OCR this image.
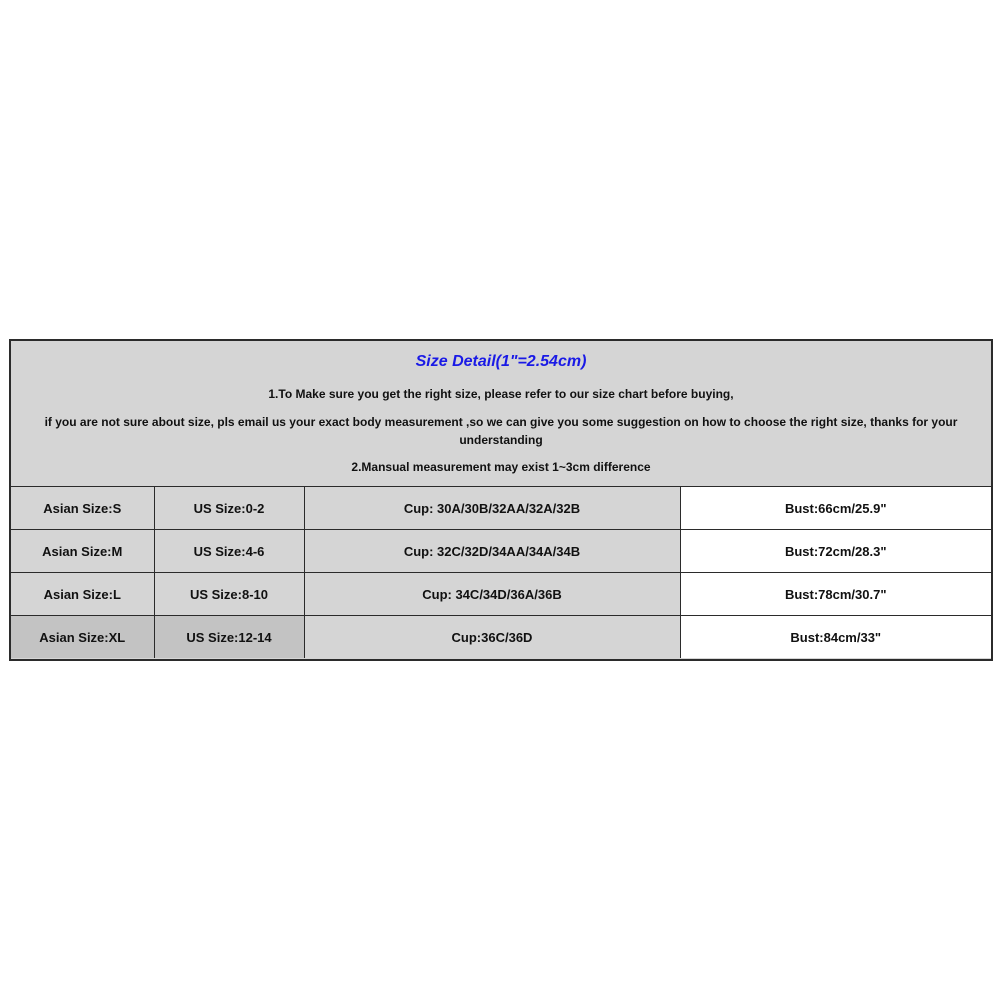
Size Detail(1"=2.54cm)
1.To Make sure you get the right size, please refer to our size chart before buying,
if you are not sure about size, pls email us your exact body measurement ,so we can give you some suggestion on how to choose the right size, thanks for your understanding
2.Mansual measurement may exist 1~3cm difference
Asian Size:S	US Size:0-2	Cup: 30A/30B/32AA/32A/32B	Bust:66cm/25.9"
Asian Size:M	US Size:4-6	Cup: 32C/32D/34AA/34A/34B	Bust:72cm/28.3"
Asian Size:L	US Size:8-10	Cup: 34C/34D/36A/36B	Bust:78cm/30.7"
Asian Size:XL	US Size:12-14	Cup:36C/36D	Bust:84cm/33"
